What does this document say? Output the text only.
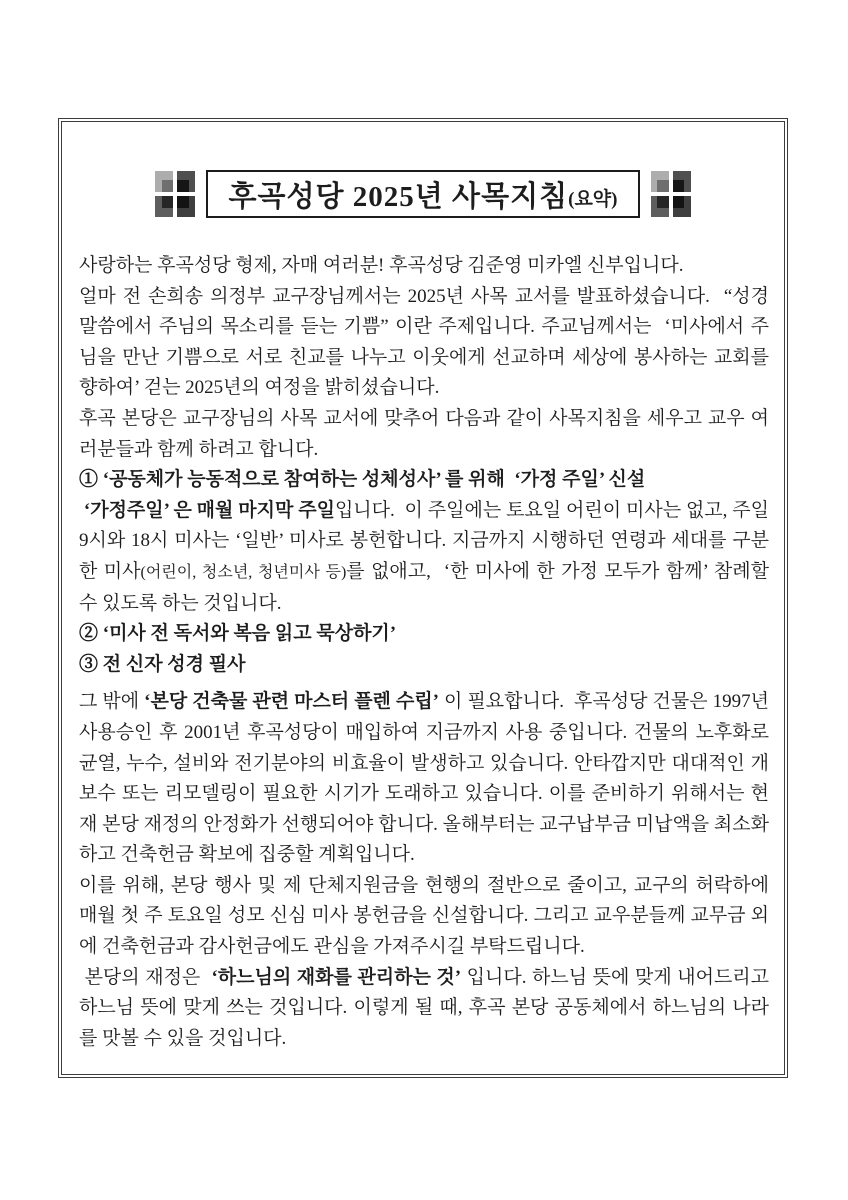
후곡성당 2025년 사목지침 (요약)

사랑하는 후곡성당 형제, 자매 여러분! 후곡성당 김준영 미카엘 신부입니다.

얼마 전 손희송 의정부 교구장님께서는 2025년 사목 교서를 발표하셨습니다.  “성경 말씀에서 주님의 목소리를 듣는 기쁨” 이란 주제입니다. 주교님께서는  ‘미사에서 주님을 만난 기쁨으로 서로 친교를 나누고 이웃에게 선교하며 세상에 봉사하는 교회를 향하여’ 걷는 2025년의 여정을 밝히셨습니다.

후곡 본당은 교구장님의 사목 교서에 맞추어 다음과 같이 사목지침을 세우고 교우 여러분들과 함께 하려고 합니다.

① ‘공동체가 능동적으로 참여하는 성체성사’ 를 위해  ‘가정 주일’ 신설

‘가정주일’ 은 매월 마지막 주일입니다.  이 주일에는 토요일 어린이 미사는 없고, 주일 9시와 18시 미사는 ‘일반’ 미사로 봉헌합니다. 지금까지 시행하던 연령과 세대를 구분한 미사(어린이, 청소년, 청년미사 등)를 없애고,  ‘한 미사에 한 가정 모두가 함께’ 참례할 수 있도록 하는 것입니다.

② ‘미사 전 독서와 복음 읽고 묵상하기’

③ 전 신자 성경 필사

그 밖에 ‘본당 건축물 관련 마스터 플렌 수립’ 이 필요합니다.  후곡성당 건물은 1997년 사용승인 후 2001년 후곡성당이 매입하여 지금까지 사용 중입니다. 건물의 노후화로 균열, 누수, 설비와 전기분야의 비효율이 발생하고 있습니다. 안타깝지만 대대적인 개보수 또는 리모델링이 필요한 시기가 도래하고 있습니다. 이를 준비하기 위해서는 현재 본당 재정의 안정화가 선행되어야 합니다. 올해부터는 교구납부금 미납액을 최소화하고 건축헌금 확보에 집중할 계획입니다.

이를 위해, 본당 행사 및 제 단체지원금을 현행의 절반으로 줄이고, 교구의 허락하에 매월 첫 주 토요일 성모 신심 미사 봉헌금을 신설합니다. 그리고 교우분들께 교무금 외에 건축헌금과 감사헌금에도 관심을 가져주시길 부탁드립니다.

본당의 재정은  ‘하느님의 재화를 관리하는 것’ 입니다. 하느님 뜻에 맞게 내어드리고 하느님 뜻에 맞게 쓰는 것입니다. 이렇게 될 때, 후곡 본당 공동체에서 하느님의 나라를 맛볼 수 있을 것입니다.
